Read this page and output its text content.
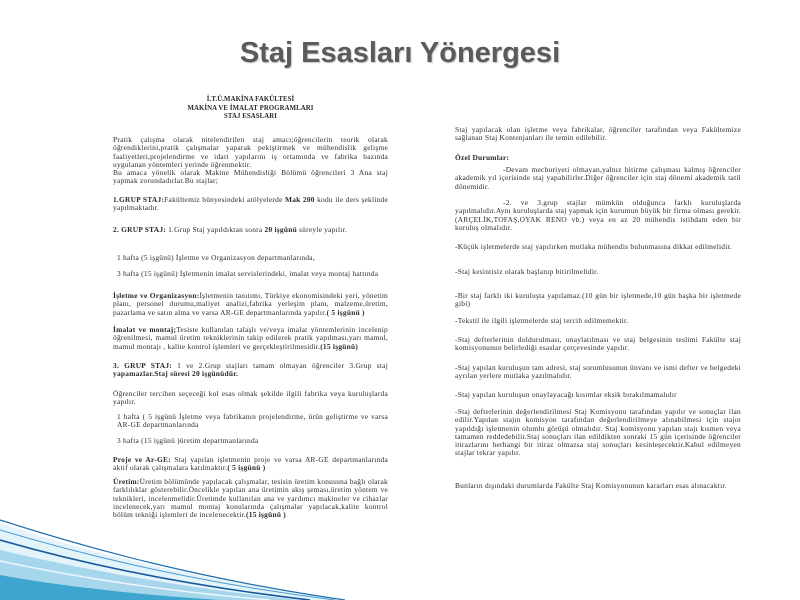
Staj Esasları Yönergesi
İ.T.Ü.MAKİNA FAKÜLTESİ
MAKİNA VE İMALAT PROGRAMLARI
STAJ ESASLARI

Pratik çalışma olarak nitelendirilen staj amacı;öğrencilerin teorik olarak öğrendiklerini,pratik çalışmalar yaparak pekiştirmek ve mühendislik gelişme faaliyetleri,projelendirme ve idari yapılarını iş ortamında ve fabrika bazında uygulanan yöntemleri yerinde öğrenmektir.

Bu amaca yönelik olarak Makine Mühendisliği Bölümü öğrencileri 3 Ana staj yapmak zorundadırlar.Bu stajlar;

1.GRUP STAJ:Fakültemiz bünyesindeki atölyelerde Mak 200 kodu ile ders şeklinde yapılmaktadır.

2. GRUP STAJ: 1.Grup Staj yapıldıktan sonra 20 işgünü süreyle yapılır.

1 hafta (5 işgünü) İşletme ve Organizasyon departmanlarında,

3 hafta (15 işgünü) İşletmenin imalat servislerindeki, imalat veya montaj hattında

İşletme ve Organizasyon:İşletmenin tanıtımı, Türkiye ekonomisindeki yeri, yönetim planı, personel durumu,maliyet analizi,fabrika yerleşim planı, malzeme,üretim, pazarlama ve satın alma ve varsa AR-GE departmanlarında yapılır.( 5 işgünü )

İmalat ve montaj;Tesiste kullanılan talaşlı ve/veya imalat yöntemlerinin incelenip öğrenilmesi, mamul üretim tekniklerinin takip edilerek pratik yapılması,yarı mamul, mamul montajı , kalite kontrol işlemleri ve gerçekleştirilmesidir.(15 işgünü)

3. GRUP STAJ: 1 ve 2.Grup stajları tamam olmayan öğrenciler 3.Grup staj yapamazlar.Staj süresi 20 işgünüdür.

Öğrenciler tercihen seçeceği kol esas olmak şekilde ilgili fabrika veya kuruluşlarda yapılır.

1 hafta ( 5 işgünü İşletme veya fabrikanın projelendirme, ürün geliştirme ve varsa AR-GE departmanlarında

3 hafta (15 işgünü )üretim departmanlarında

Proje ve Ar-GE: Staj yapılan işletmenin proje ve varsa AR-GE departmanlarında aktif olarak çalışmalara katılmaktır.( 5 işgünü )

Üretim:Üretim bölümünde yapılacak çalışmalar, tesisin üretim konusuna bağlı olarak farklılıklar gösterebilir.Öncelikle yapılan ana üretimin akış şeması,üretim yöntem ve teknikleri, incelenmelidir.Üretimde kullanılan ana ve yardımcı makineler ve cihazlar incelenecek,yarı mamul montaj konularında çalışmalar yapılacak,kalite kontrol bölüm tekniği işlemleri de incelenecektir.(15 işgünü )

Staj yapılacak olan işletme veya fabrikalar, öğrenciler tarafından veya Fakültemize sağlanan Staj Kontenjanları ile temin edilebilir.

Özel Durumlar:

-Devam mecburiyeti olmayan,yalnız bitirme çalışması kalmış öğrenciler akademik yıl içerisinde staj yapabilirler.Diğer öğrenciler için staj dönemi akademik tatil dönemidir.

-2. ve 3.grup stajlar mümkün olduğunca farklı kuruluşlarda yapılmalıdır.Aynı kuruluşlarda staj yapmak için kurumun büyük bir firma olması gerekir.(ARÇELİK,TOFAŞ,OYAK RENO vb.) veya en az 20 mühendis istihdam eden bir kuruluş olmalıdır.

-Küçük işletmelerde staj yapılırken mutlaka mühendis bulunmasına dikkat edilmelidir.

-Staj kesintisiz olarak başlanıp bitirilmelidir.

-Bir staj farklı iki kuruluşta yapılamaz.(10 gün bir işletmede,10 gün başka bir işletmede gibi)

-Tekstil ile ilgili işletmelerde staj tercih edilmemektir.

-Staj defterlerinin doldurulması, onaylatılması ve staj belgesinin teslimi Fakülte staj komisyonunun belirlediği esaslar çerçevesinde yapılır.

-Staj yapılan kuruluşun tam adresi, staj sorumlusunun ünvanı ve ismi defter ve belgedeki ayrılan yerlere mutlaka yazılmalıdır.

-Staj yapılan kuruluşun onaylayacağı kısımlar eksik bırakılmamalıdır

-Staj defterlerinin değerlendirilmesi Staj Komisyonu tarafından yapılır ve sonuçlar ilan edilir.Yapılan stajın komisyon tarafından değerlendirilmeye alınabilmesi için stajın yapıldığı işletmenin olumlu görüşü olmalıdır. Staj komisyonu yapılan stajı kısmen veya tamamen reddedebilir.Staj sonuçları ilan edildikten sonraki 15 gün içerisinde öğrenciler itirazlarını herhangi bir itiraz olmazsa staj sonuçları kesinleşecektir.Kabul edilmeyen stajlar tekrar yapılır.

Bunların dışındaki durumlarda Fakülte Staj Komisyonunun kararları esas alınacaktır.
